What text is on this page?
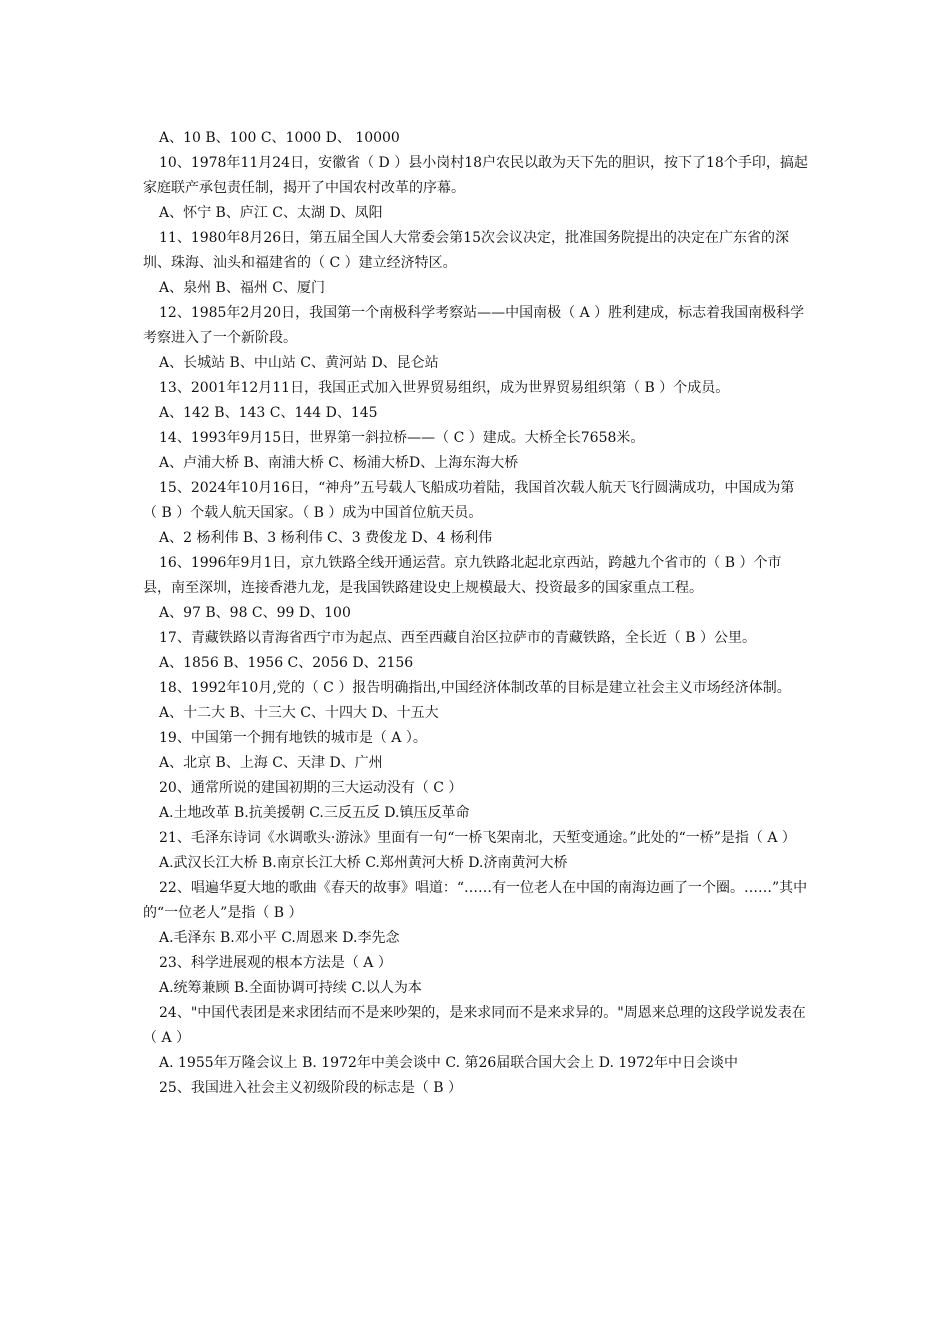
A、10 B、100 C、1000 D、 10000

10、1978年11月24日，安徽省（ D ）县小岗村18户农民以敢为天下先的胆识，按下了18个手印，搞起家庭联产承包责任制，揭开了中国农村改革的序幕。

A、怀宁 B、庐江 C、太湖 D、凤阳

11、1980年8月26日，第五届全国人大常委会第15次会议决定，批准国务院提出的决定在广东省的深圳、珠海、汕头和福建省的（ C ）建立经济特区。

A、泉州 B、福州 C、厦门

12、1985年2月20日，我国第一个南极科学考察站——中国南极（ A ）胜利建成，标志着我国南极科学考察进入了一个新阶段。

A、长城站 B、中山站 C、黄河站 D、昆仑站

13、2001年12月11日，我国正式加入世界贸易组织，成为世界贸易组织第（ B ）个成员。

A、142 B、143 C、144 D、145

14、1993年9月15日，世界第一斜拉桥——（ C ）建成。大桥全长7658米。

A、卢浦大桥 B、南浦大桥 C、杨浦大桥D、上海东海大桥

15、2024年10月16日，“神舟”五号载人飞船成功着陆，我国首次载人航天飞行圆满成功，中国成为第（ B ）个载人航天国家。（ B ）成为中国首位航天员。

A、2 杨利伟 B、3 杨利伟 C、3 费俊龙 D、4 杨利伟

16、1996年9月1日，京九铁路全线开通运营。京九铁路北起北京西站，跨越九个省市的（ B ）个市县，南至深圳，连接香港九龙，是我国铁路建设史上规模最大、投资最多的国家重点工程。

A、97 B、98 C、99 D、100

17、青藏铁路以青海省西宁市为起点、西至西藏自治区拉萨市的青藏铁路，全长近（ B ）公里。

A、1856 B、1956 C、2056 D、2156

18、1992年10月,党的（ C ）报告明确指出,中国经济体制改革的目标是建立社会主义市场经济体制。

A、十二大 B、十三大 C、十四大 D、十五大

19、中国第一个拥有地铁的城市是（ A ）。

A、北京 B、上海 C、天津 D、广州

20、通常所说的建国初期的三大运动没有（ C ）

A.土地改革 B.抗美援朝 C.三反五反 D.镇压反革命

21、毛泽东诗词《水调歌头·游泳》里面有一句“一桥飞架南北，天堑变通途。”此处的“一桥”是指（ A ）

A.武汉长江大桥 B.南京长江大桥 C.郑州黄河大桥 D.济南黄河大桥

22、唱遍华夏大地的歌曲《春天的故事》唱道：“……有一位老人在中国的南海边画了一个圈。……”其中的“一位老人”是指（ B ）

A.毛泽东 B.邓小平 C.周恩来 D.李先念

23、科学进展观的根本方法是（ A ）

A.统筹兼顾 B.全面协调可持续 C.以人为本

24、"中国代表团是来求团结而不是来吵架的，是来求同而不是来求异的。"周恩来总理的这段学说发表在（ A ）

A. 1955年万隆会议上 B. 1972年中美会谈中 C. 第26届联合国大会上 D. 1972年中日会谈中

25、我国进入社会主义初级阶段的标志是（ B ）
